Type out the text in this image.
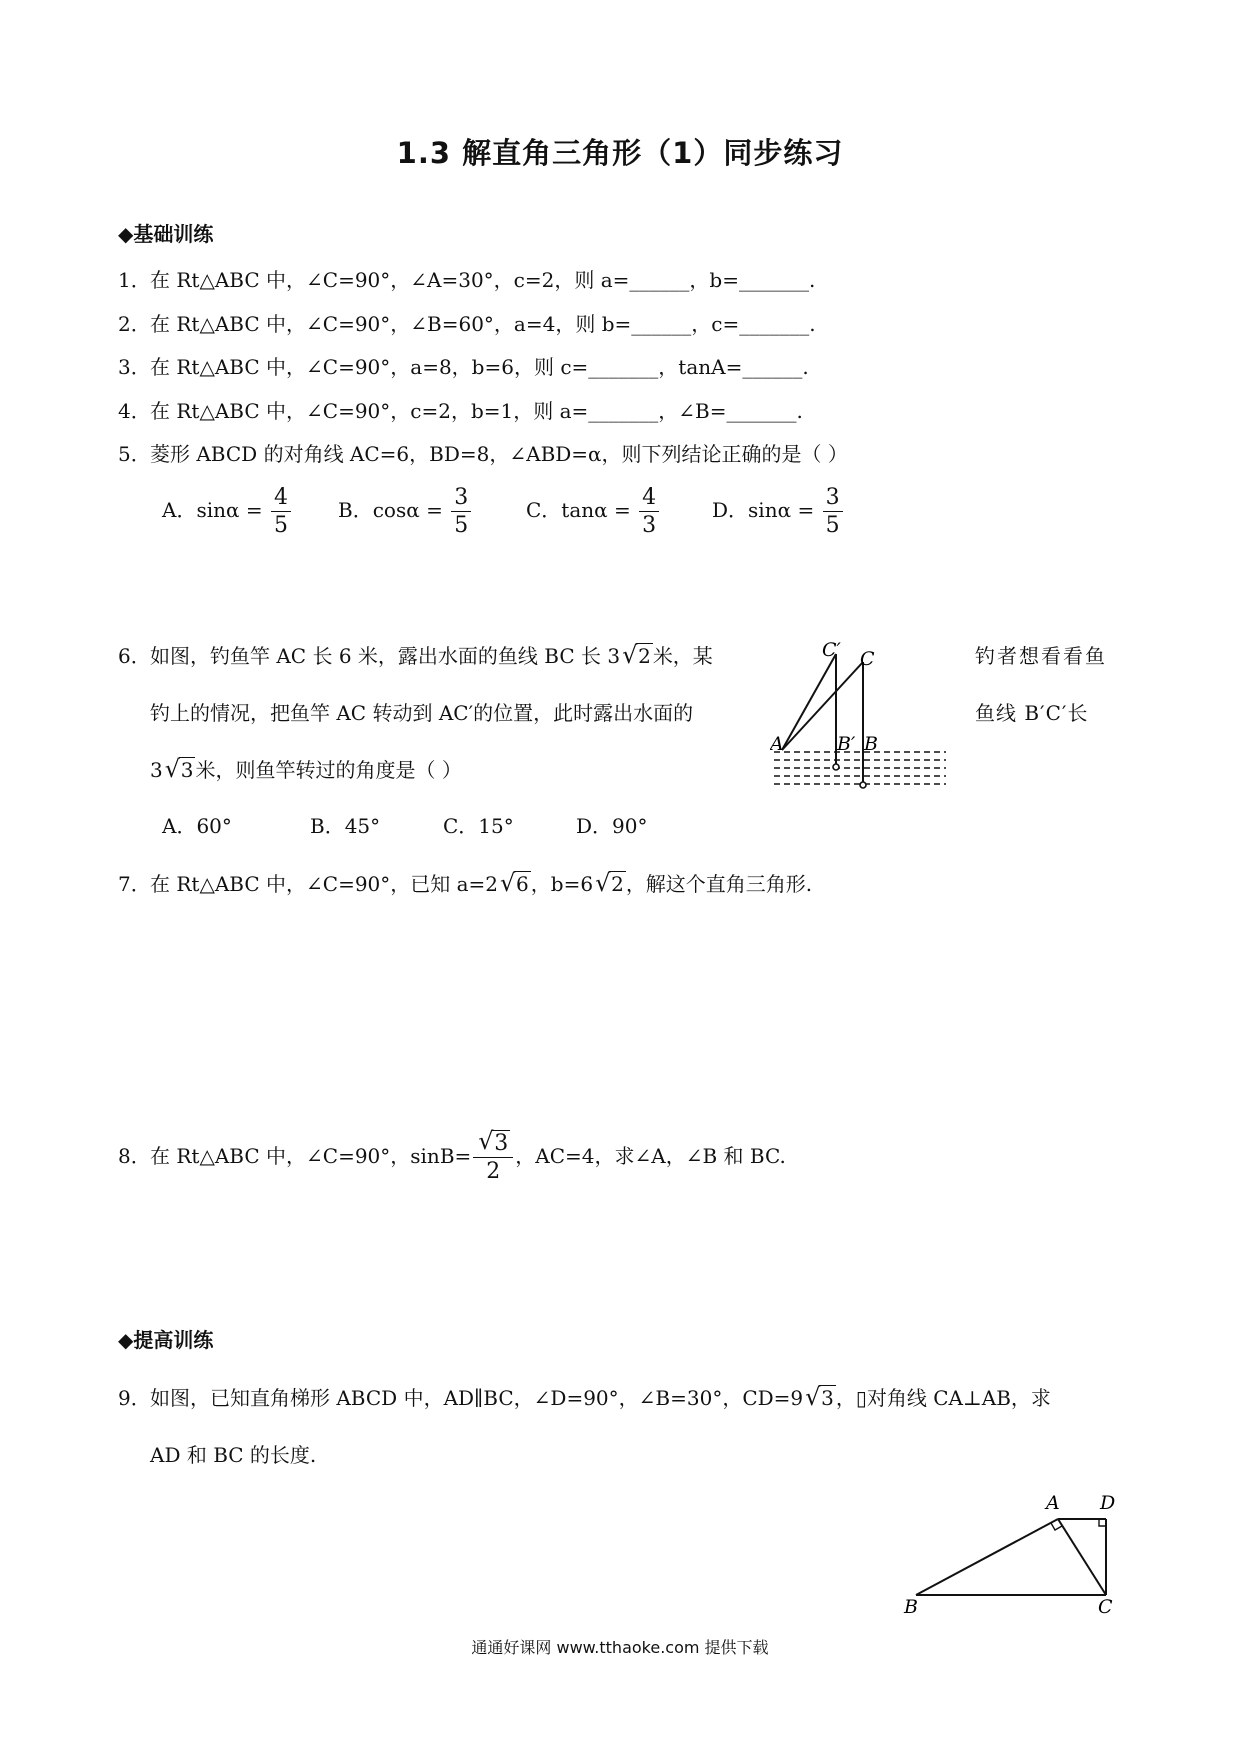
1.3 解直角三角形（1）同步练习
◆基础训练
1．在 Rt△ABC 中，∠C=90°，∠A=30°，c=2，则 a=______，b=_______.
2．在 Rt△ABC 中，∠C=90°，∠B=60°，a=4，则 b=______，c=_______.
3．在 Rt△ABC 中，∠C=90°，a=8，b=6，则 c=_______，tanA=______.
4．在 Rt△ABC 中，∠C=90°，c=2，b=1，则 a=_______，∠B=_______.
5．菱形 ABCD 的对角线 AC=6，BD=8，∠ABD=α，则下列结论正确的是（ ）
A．$\sin\alpha = \frac{4}{5}$ B．$\cos\alpha = \frac{3}{5}$	C．$\tan\alpha = \frac{4}{3}$	D．$\sin\alpha = \frac{3}{5}$
6．如图，钓鱼竿 AC 长 6 米，露出水面的鱼线 BC 长 3 √ 2 米，某	钓者想看看鱼
钓上的情况，把鱼竿 AC 转动到 AC′的位置，此时露出水面的	鱼线 B′C′长
3 √ 3 米，则鱼竿转过的角度是（ ）
A．60°	B．45°	C．15°	D．90°
C′ C
A	B′ B
7．在 Rt△ABC 中，∠C=90°，已知 a=2 √ 6 ，b=6 √ 2 ，解这个直角三角形.
8．在 Rt△ABC 中，∠C=90°，sinB= √ $\frac{3}{2}$ ，AC=4，求∠A，∠B 和 BC.
◆提高训练
9．如图，已知直角梯形 ABCD 中，AD∥BC，∠D=90°，∠B=30°，CD=9 √ 3 ，▯对角线 CA⊥AB，求
AD 和 BC 的长度.
A D
B	C
通通好课网 www.tthaoke.com 提供下载
